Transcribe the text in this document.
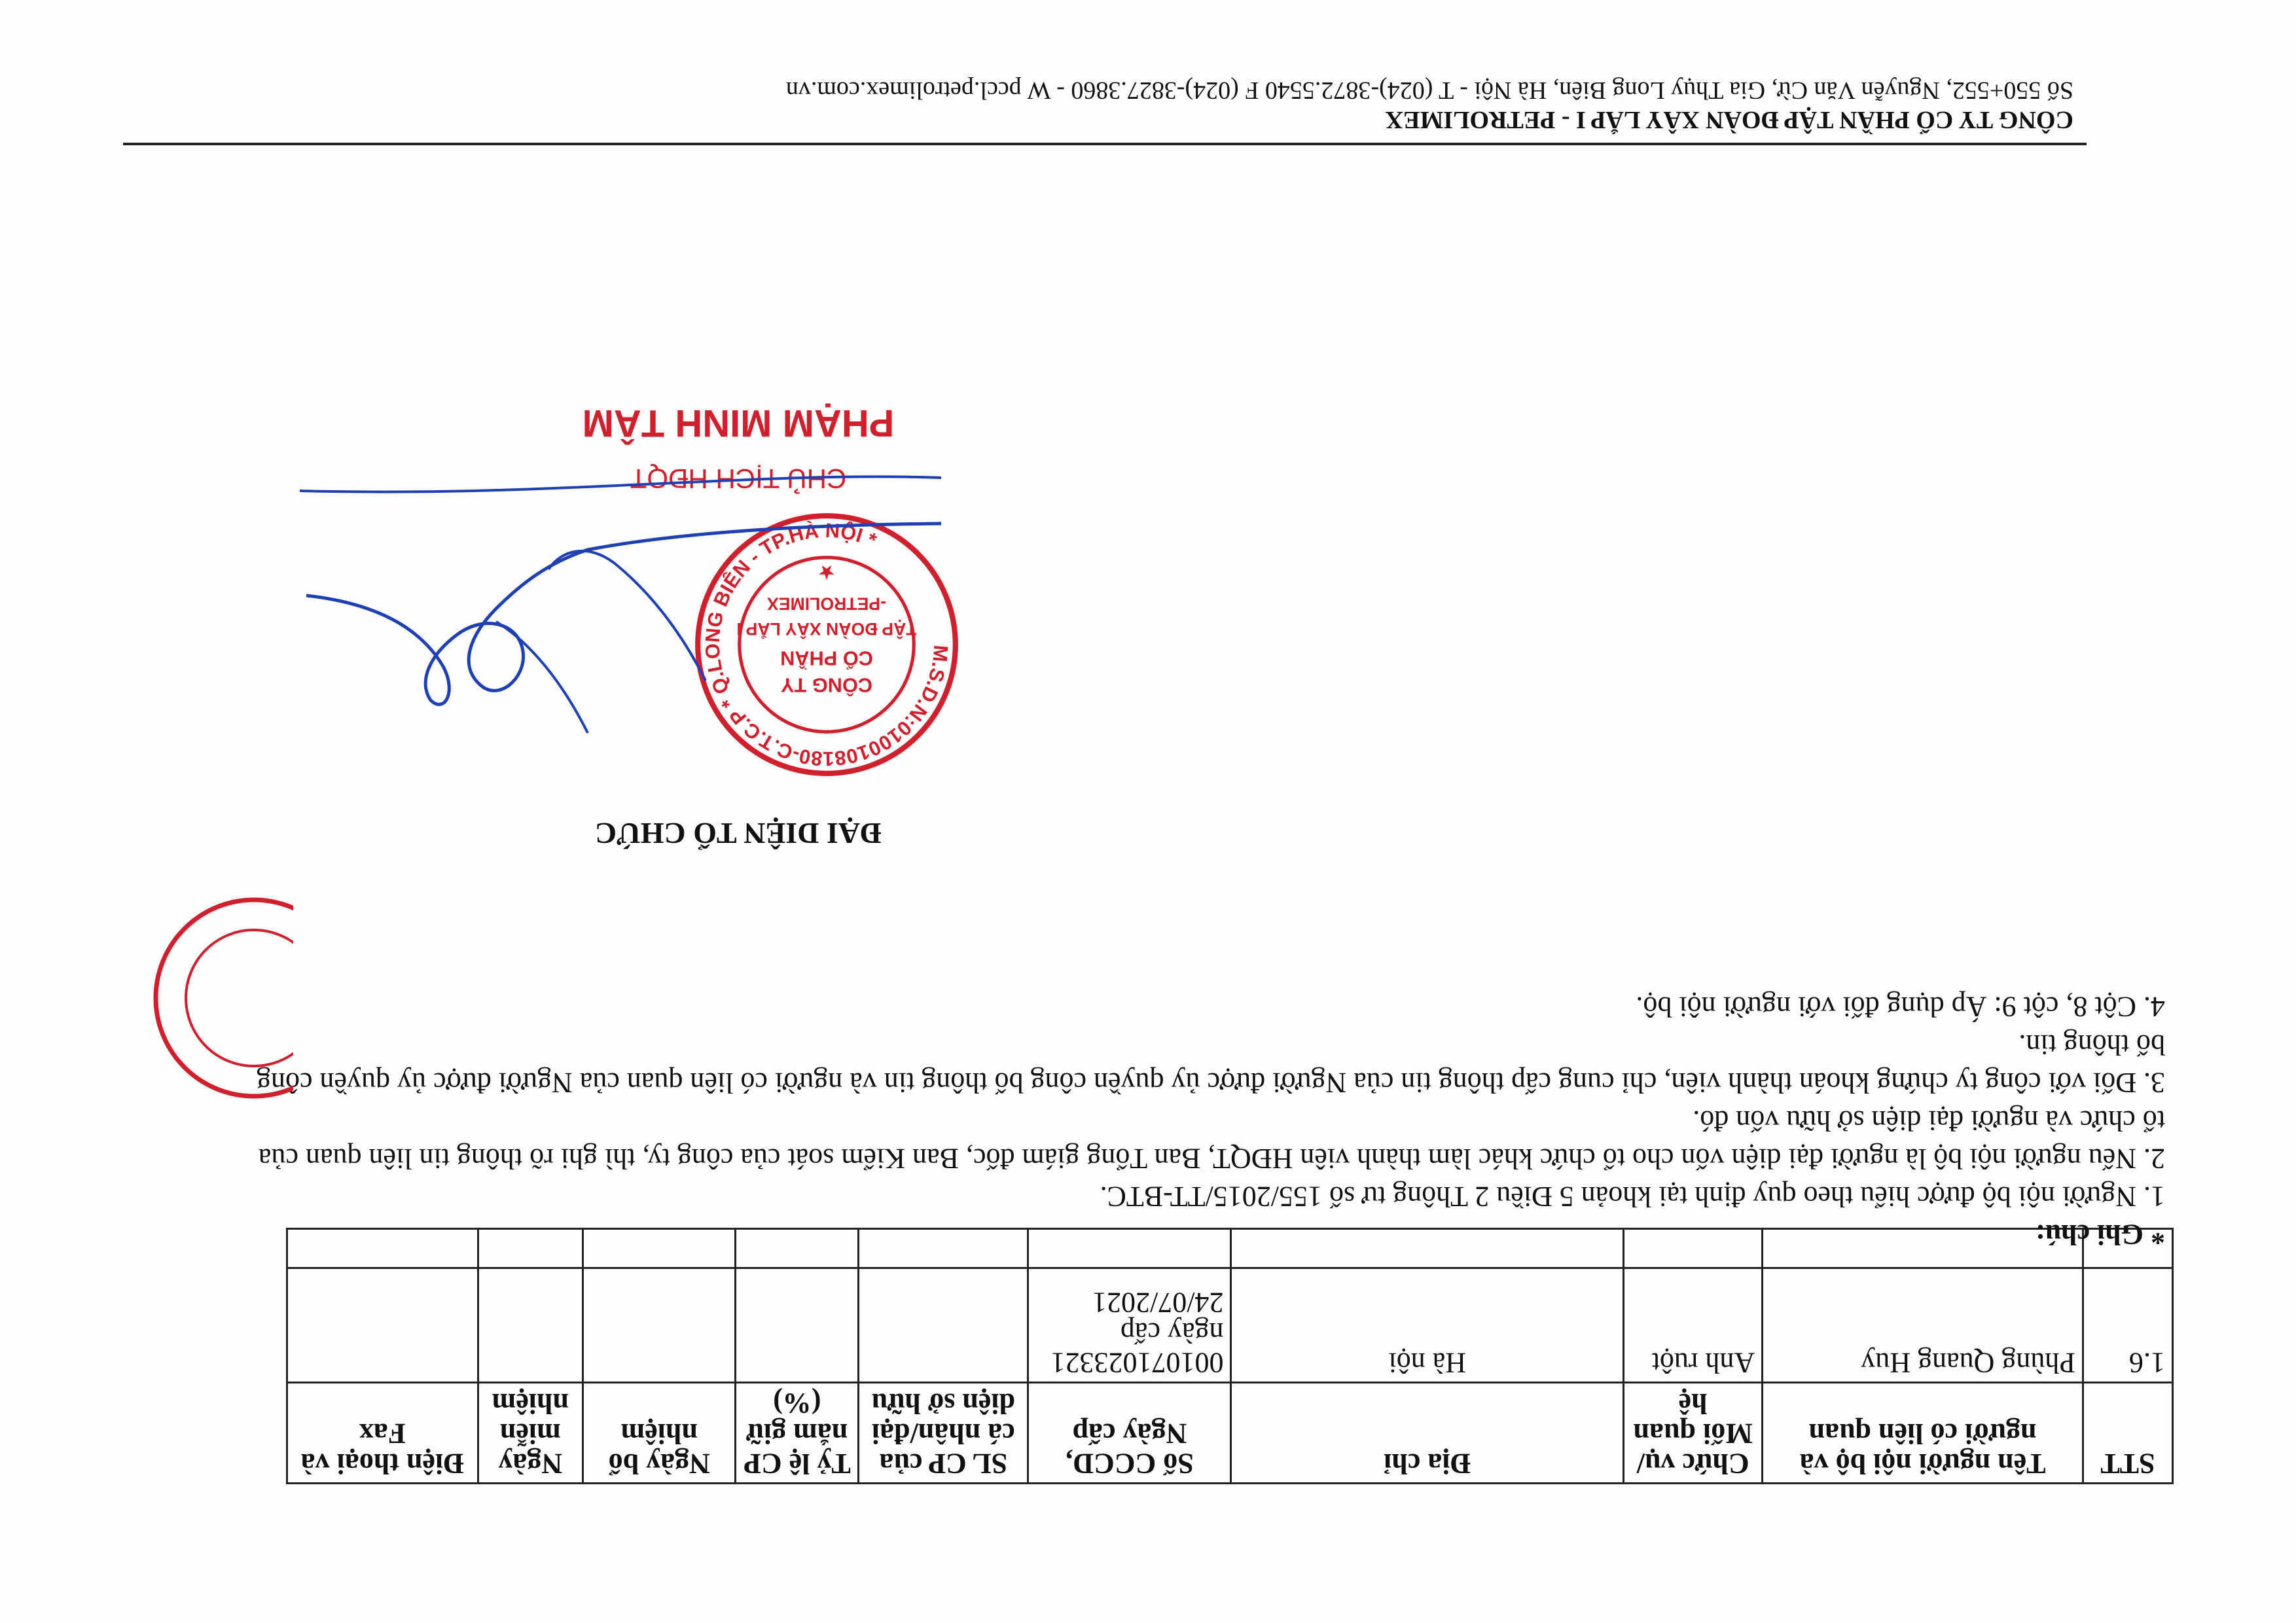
STT	Tên người nội bộ và người có liên quan	Chức vụ/ Mối quan hệ	Địa chỉ	Số CCCD, Ngày cấp	SL CP của cá nhân/đại diện sở hữu	Tỷ lệ CP nắm giữ (%)	Ngày bổ nhiệm	Ngày miễn nhiệm	Điện thoại và Fax
1.6	Phùng Quang Huy	Anh ruột	Hà nội	001071023321 ngày cấp 24/07/2021					

* Ghi chú:

1. Người nội bộ được hiểu theo quy định tại khoản 5 Điều 2 Thông tư số 155/2015/TT-BTC.

2. Nếu người nội bộ là người đại diện vốn cho tổ chức khác làm thành viên HĐQT, Ban Tổng giám đốc, Ban Kiểm soát của công ty, thì ghi rõ thông tin liên quan của tổ chức và người đại diện sở hữu vốn đó.

3. Đối với công ty chứng khoán thành viên, chỉ cung cấp thông tin của Người được ủy quyền công bố thông tin và người có liên quan của Người được ủy quyền công bố thông tin.

4. Cột 8, cột 9: Áp dụng đối với người nội bộ.

ĐẠI DIỆN TỔ CHỨC
M.S.D.N:0100108180-C.T.C.P * Q.LONG BIÊN - TP.HÀ NỘI *
CÔNG TY
CỔ PHẦN
TẬP ĐOÀN XÂY LẮP I
-PETROLIMEX
★
CHỦ TỊCH HĐQT
PHẠM MINH TÂM
CÔNG TY CỔ PHẦN TẬP ĐOÀN XÂY LẮP I - PETROLIMEX
Số 550+552, Nguyễn Văn Cừ, Gia Thụy Long Biên, Hà Nội - T (024)-3872.5540 F (024)-3827.3860 - W pccl.petrolimex.com.vn
